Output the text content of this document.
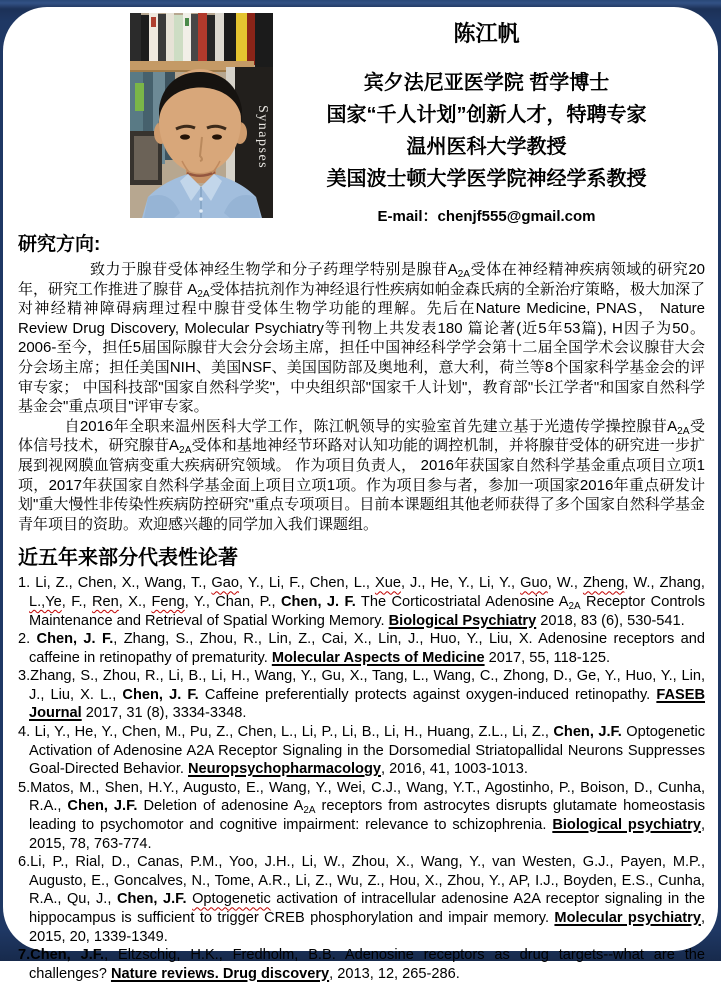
Synapses
陈江帆
宾夕法尼亚医学院 哲学博士
国家“千人计划”创新人才，特聘专家
温州医科大学教授
美国波士顿大学医学院神经学系教授
E-mail：chenjf555@gmail.com
研究方向:

致力于腺苷受体神经生物学和分子药理学特别是腺苷A2A受体在神经精神疾病领域的研究20年，研究工作推进了腺苷 A2A受体拮抗剂作为神经退行性疾病如帕金森氏病的全新治疗策略，极大加深了对神经精神障碍病理过程中腺苷受体生物学功能的理解。先后在Nature Medicine, PNAS， Nature Review Drug Discovery, Molecular Psychiatry等刊物上共发表180 篇论著(近5年53篇), H因子为50。2006-至今，担任5届国际腺苷大会分会场主席，担任中国神经科学学会第十二届全国学术会议腺苷大会分会场主席；担任美国NIH、美国NSF、美国国防部及奥地利，意大利，荷兰等8个国家科学基金会的评审专家； 中国科技部"国家自然科学奖"，中央组织部"国家千人计划"，教育部"长江学者"和国家自然科学基金会"重点项目"评审专家。

自2016年全职来温州医科大学工作，陈江帆领导的实验室首先建立基于光遗传学操控腺苷A2A受体信号技术，研究腺苷A2A受体和基地神经节环路对认知功能的调控机制，并将腺苷受体的研究进一步扩展到视网膜血管病变重大疾病研究领域。 作为项目负责人， 2016年获国家自然科学基金重点项目立项1项，2017年获国家自然科学基金面上项目立项1项。作为项目参与者，参加一项国家2016年重点研发计划"重大慢性非传染性疾病防控研究"重点专项项目。目前本课题组其他老师获得了多个国家自然科学基金青年项目的资助。欢迎感兴趣的同学加入我们课题组。

近五年来部分代表性论著
1. Li, Z., Chen, X., Wang, T., Gao, Y., Li, F., Chen, L., Xue, J., He, Y., Li, Y., Guo, W., Zheng, W., Zhang, L.,Ye, F., Ren, X., Feng, Y., Chan, P., Chen, J. F. The Corticostriatal Adenosine A2A Receptor Controls Maintenance and Retrieval of Spatial Working Memory. Biological Psychiatry 2018, 83 (6), 530-541.
2. Chen, J. F., Zhang, S., Zhou, R., Lin, Z., Cai, X., Lin, J., Huo, Y., Liu, X. Adenosine receptors and caffeine in retinopathy of prematurity. Molecular Aspects of Medicine 2017, 55, 118-125.
3.Zhang, S., Zhou, R., Li, B., Li, H., Wang, Y., Gu, X., Tang, L., Wang, C., Zhong, D., Ge, Y., Huo, Y., Lin, J., Liu, X. L., Chen, J. F. Caffeine preferentially protects against oxygen-induced retinopathy. FASEB Journal 2017, 31 (8), 3334-3348.
4. Li, Y., He, Y., Chen, M., Pu, Z., Chen, L., Li, P., Li, B., Li, H., Huang, Z.L., Li, Z., Chen, J.F. Optogenetic Activation of Adenosine A2A Receptor Signaling in the Dorsomedial Striatopallidal Neurons Suppresses Goal-Directed Behavior. Neuropsychopharmacology, 2016, 41, 1003-1013.
5.Matos, M., Shen, H.Y., Augusto, E., Wang, Y., Wei, C.J., Wang, Y.T., Agostinho, P., Boison, D., Cunha, R.A., Chen, J.F. Deletion of adenosine A2A receptors from astrocytes disrupts glutamate homeostasis leading to psychomotor and cognitive impairment: relevance to schizophrenia. Biological psychiatry, 2015, 78, 763-774.
6.Li, P., Rial, D., Canas, P.M., Yoo, J.H., Li, W., Zhou, X., Wang, Y., van Westen, G.J., Payen, M.P., Augusto, E., Goncalves, N., Tome, A.R., Li, Z., Wu, Z., Hou, X., Zhou, Y., AP, I.J., Boyden, E.S., Cunha, R.A., Qu, J., Chen, J.F. Optogenetic activation of intracellular adenosine A2A receptor signaling in the hippocampus is sufficient to trigger CREB phosphorylation and impair memory. Molecular psychiatry, 2015, 20, 1339-1349.
7.Chen, J.F., Eltzschig, H.K., Fredholm, B.B. Adenosine receptors as drug targets--what are the challenges? Nature reviews. Drug discovery, 2013, 12, 265-286.
